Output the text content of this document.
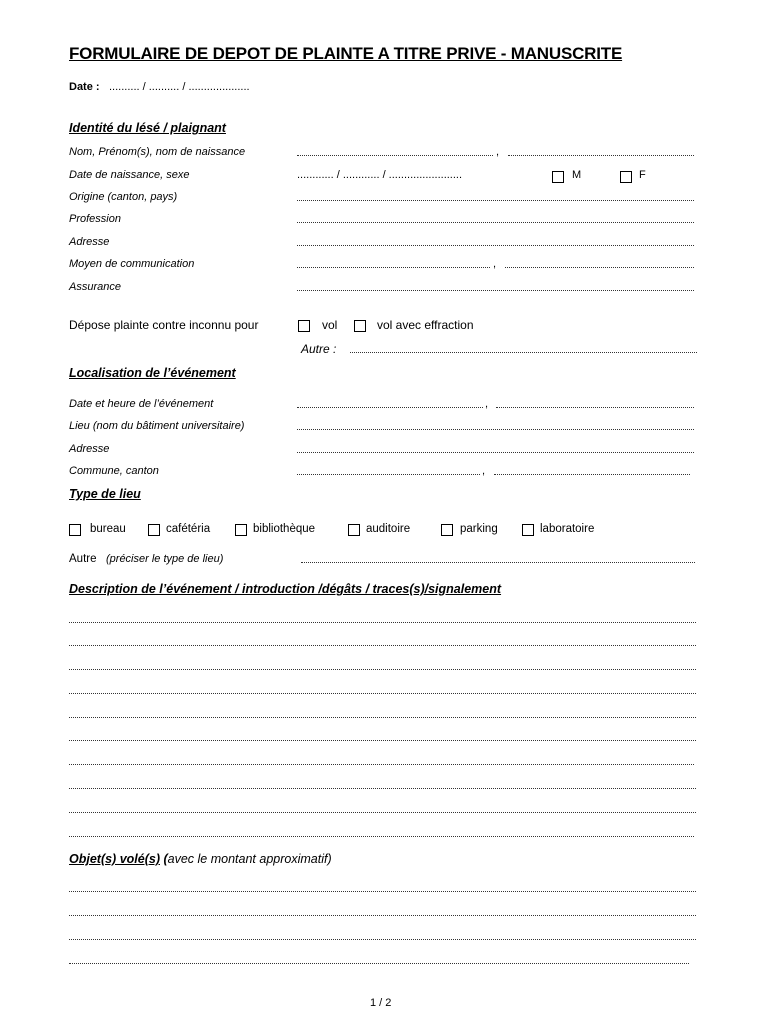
FORMULAIRE DE DEPOT DE PLAINTE A TITRE PRIVE - MANUSCRITE
Date : .......... / .......... / ....................
Identité du lésé / plaignant
Nom, Prénom(s), nom de naissance	,
Date de naissance, sexe	............ / ............ / ........................	M	F
Origine (canton, pays)
Profession
Adresse
Moyen de communication	,
Assurance
Dépose plainte contre inconnu pour	vol	vol avec effraction
Autre :
Localisation de l’événement
Date et heure de l’événement	,
Lieu (nom du bâtiment universitaire)
Adresse
Commune, canton	,
Type de lieu
bureau	cafétéria	bibliothèque	auditoire	parking	laboratoire
Autre (préciser le type de lieu)
Description de l’événement / introduction /dégâts / traces(s)/signalement
Objet(s) volé(s) (avec le montant approximatif)
1 / 2
